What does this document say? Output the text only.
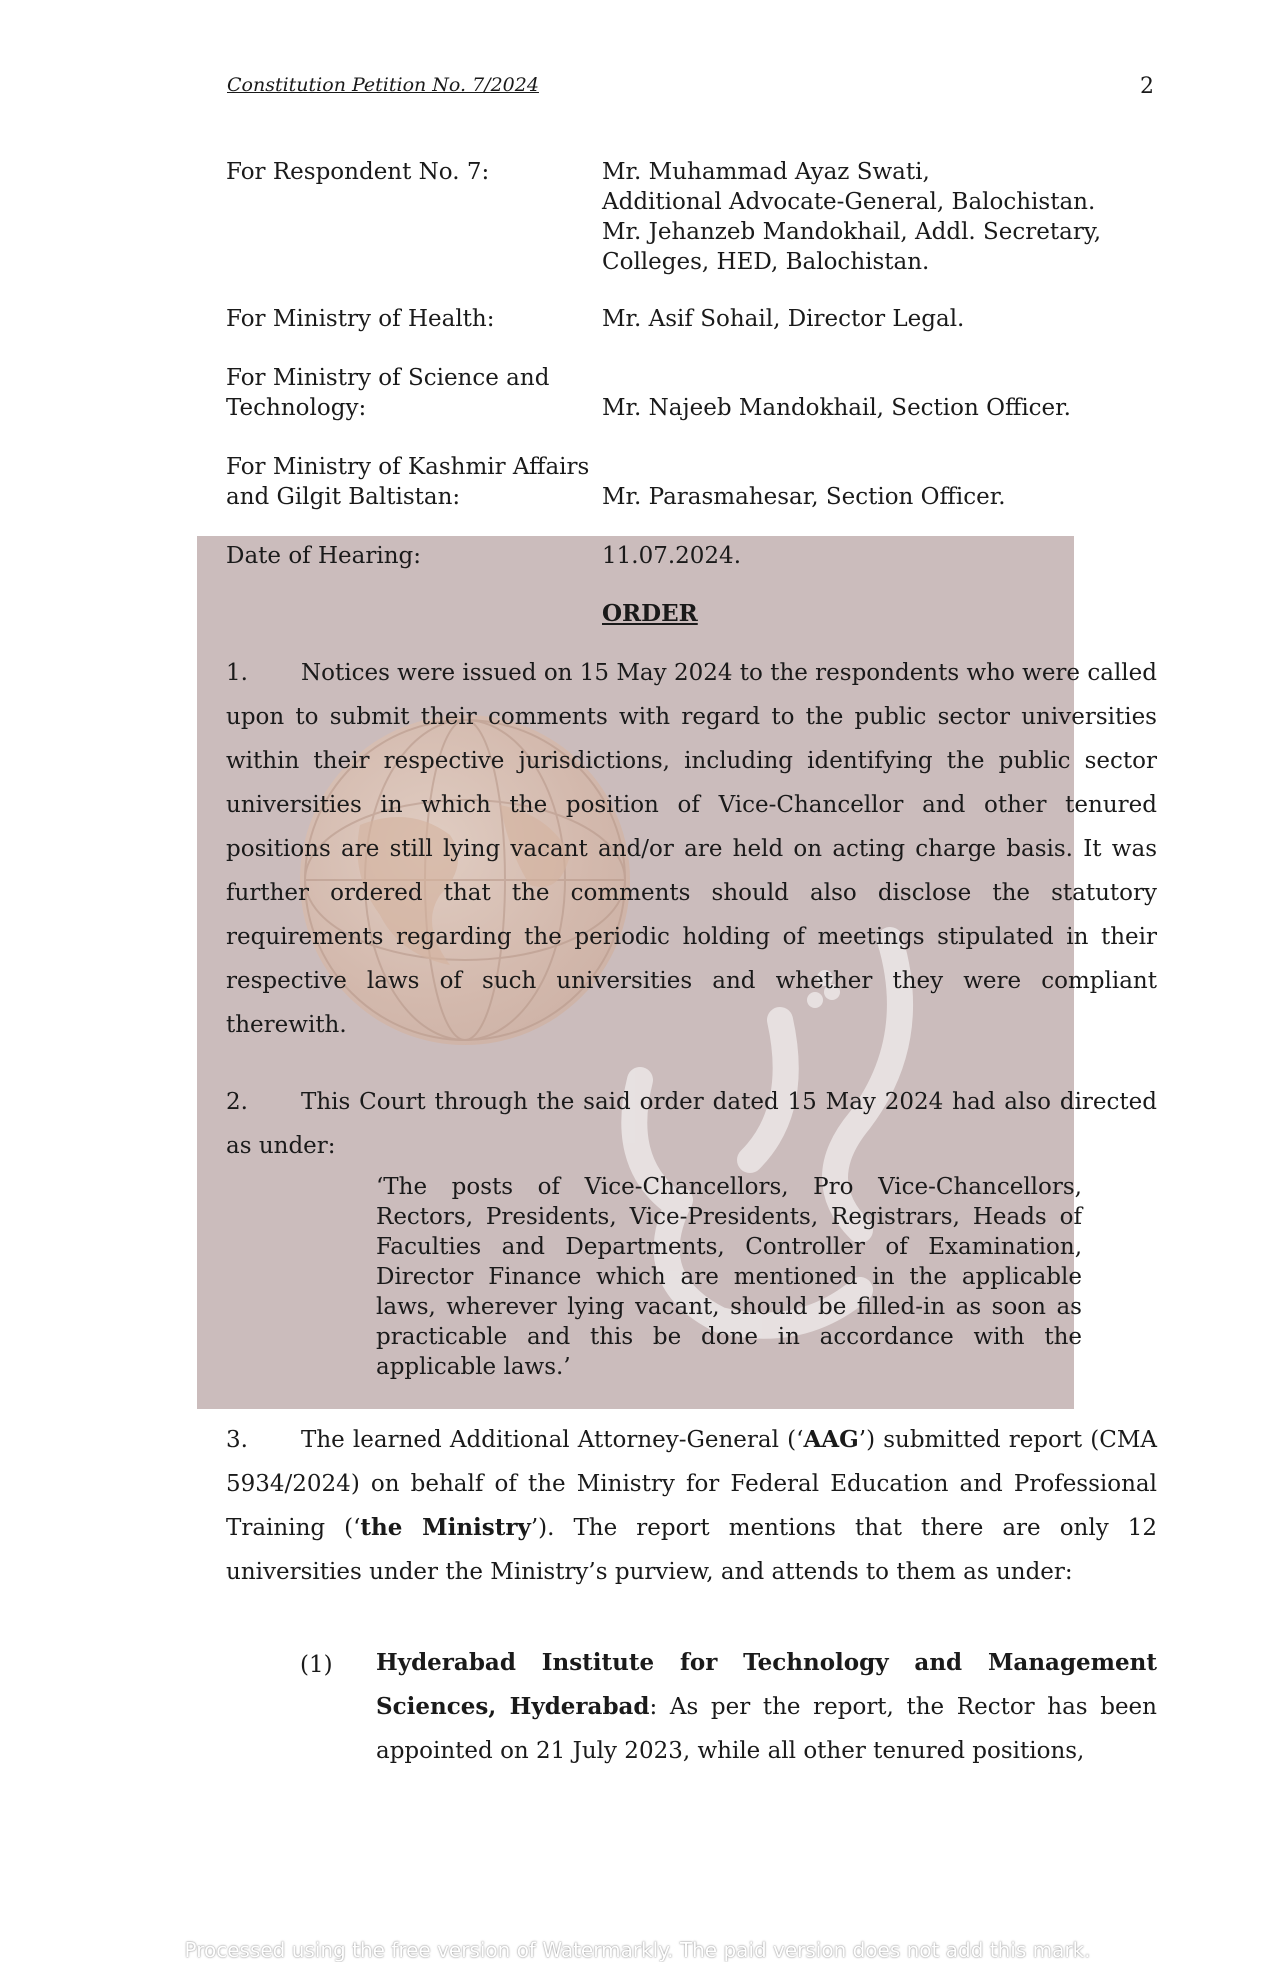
Constitution Petition No. 7/2024	2
For Respondent No. 7:	Mr. Muhammad Ayaz Swati,
Additional Advocate-General, Balochistan.
Mr. Jehanzeb Mandokhail, Addl. Secretary,
Colleges, HED, Balochistan.
For Ministry of Health:	Mr. Asif Sohail, Director Legal.
For Ministry of Science and
Technology:	Mr. Najeeb Mandokhail, Section Officer.
For Ministry of Kashmir Affairs
and Gilgit Baltistan:	Mr. Parasmahesar, Section Officer.
Date of Hearing:	11.07.2024.
ORDER
1. Notices were issued on 15 May 2024 to the respondents who were called upon to submit their comments with regard to the public sector universities within their respective jurisdictions, including identifying the public sector universities in which the position of Vice-Chancellor and other tenured positions are still lying vacant and/or are held on acting charge basis. It was further ordered that the comments should also disclose the statutory requirements regarding the periodic holding of meetings stipulated in their respective laws of such universities and whether they were compliant therewith.
2. This Court through the said order dated 15 May 2024 had also directed as under:
‘The posts of Vice-Chancellors, Pro Vice-Chancellors, Rectors, Presidents, Vice-Presidents, Registrars, Heads of Faculties and Departments, Controller of Examination, Director Finance which are mentioned in the applicable laws, wherever lying vacant, should be filled-in as soon as practicable and this be done in accordance with the applicable laws.’
3. The learned Additional Attorney-General (‘AAG’) submitted report (CMA 5934/2024) on behalf of the Ministry for Federal Education and Professional Training (‘the Ministry’). The report mentions that there are only 12 universities under the Ministry’s purview, and attends to them as under:
(1) Hyderabad Institute for Technology and Management Sciences, Hyderabad: As per the report, the Rector has been appointed on 21 July 2023, while all other tenured positions,
Processed using the free version of Watermarkly. The paid version does not add this mark.
